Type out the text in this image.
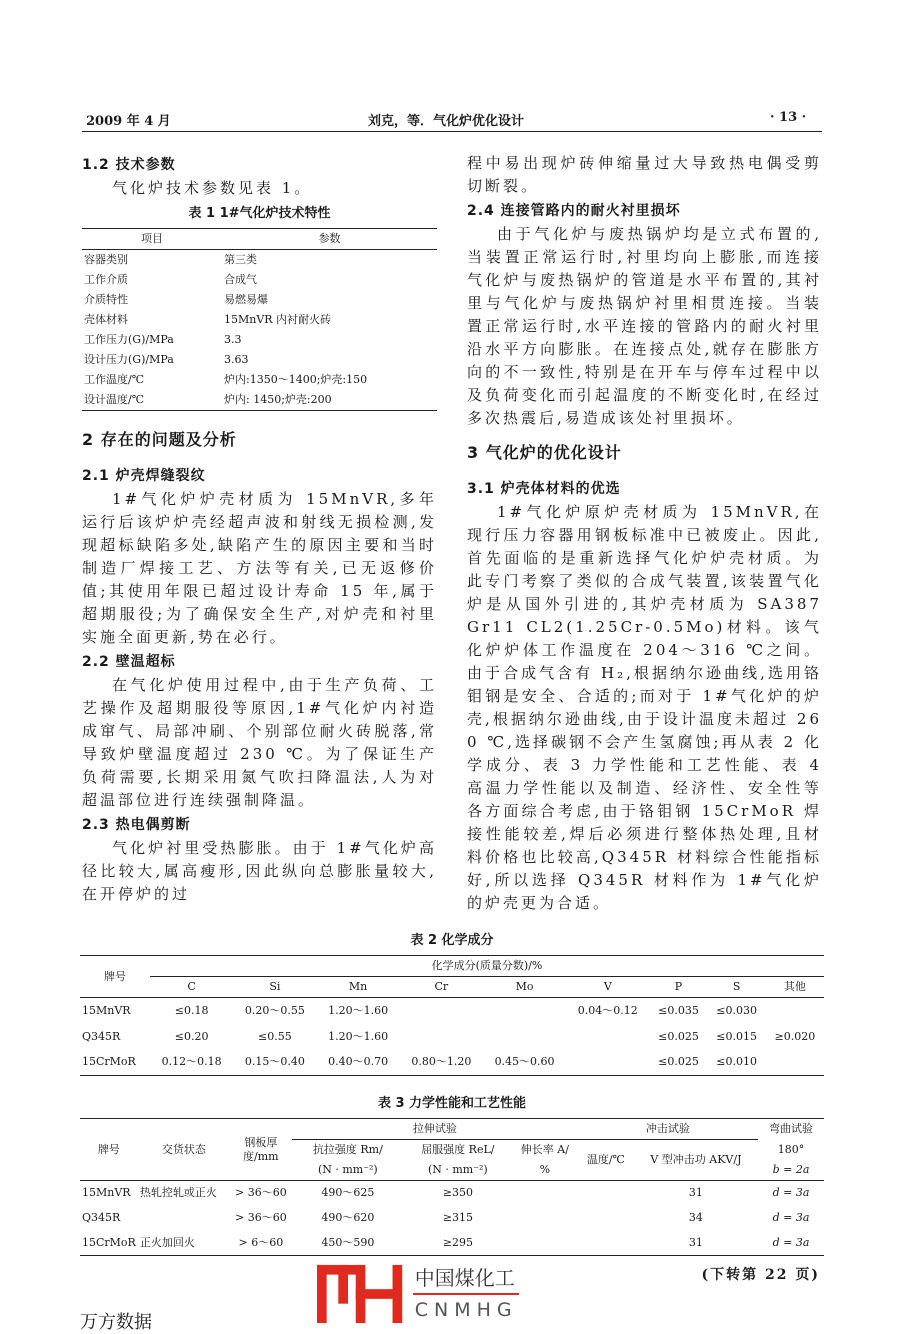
2009 年 4 月	刘克，等．气化炉优化设计	· 13 ·
1.2 技术参数
气化炉技术参数见表 1。
表 1 1#气化炉技术特性
项目	参数
容器类别	第三类
工作介质	合成气
介质特性	易燃易爆
壳体材料	15MnVR 内衬耐火砖
工作压力(G)/MPa	3.3
设计压力(G)/MPa	3.63
工作温度/℃	炉内:1350～1400;炉壳:150
设计温度/℃	炉内: 1450;炉壳:200
2 存在的问题及分析
2.1 炉壳焊缝裂纹
1#气化炉炉壳材质为 15MnVR,多年运行后该炉炉壳经超声波和射线无损检测,发现超标缺陷多处,缺陷产生的原因主要和当时制造厂焊接工艺、方法等有关,已无返修价值;其使用年限已超过设计寿命 15 年,属于超期服役;为了确保安全生产,对炉壳和衬里实施全面更新,势在必行。
2.2 壁温超标
在气化炉使用过程中,由于生产负荷、工艺操作及超期服役等原因,1#气化炉内衬造成窜气、局部冲刷、个别部位耐火砖脱落,常导致炉壁温度超过 230 ℃。为了保证生产负荷需要,长期采用氮气吹扫降温法,人为对超温部位进行连续强制降温。
2.3 热电偶剪断
气化炉衬里受热膨胀。由于 1#气化炉高径比较大,属高瘦形,因此纵向总膨胀量较大,在开停炉的过
程中易出现炉砖伸缩量过大导致热电偶受剪切断裂。
2.4 连接管路内的耐火衬里损坏
由于气化炉与废热锅炉均是立式布置的,当装置正常运行时,衬里均向上膨胀,而连接气化炉与废热锅炉的管道是水平布置的,其衬里与气化炉与废热锅炉衬里相贯连接。当装置正常运行时,水平连接的管路内的耐火衬里沿水平方向膨胀。在连接点处,就存在膨胀方向的不一致性,特别是在开车与停车过程中以及负荷变化而引起温度的不断变化时,在经过多次热震后,易造成该处衬里损坏。
3 气化炉的优化设计
3.1 炉壳体材料的优选
1#气化炉原炉壳材质为 15MnVR,在现行压力容器用钢板标准中已被废止。因此,首先面临的是重新选择气化炉炉壳材质。为此专门考察了类似的合成气装置,该装置气化炉是从国外引进的,其炉壳材质为 SA387 Gr11 CL2(1.25Cr-0.5Mo)材料。该气化炉炉体工作温度在 204～316 ℃之间。由于合成气含有 H₂,根据纳尔逊曲线,选用铬钼钢是安全、合适的;而对于 1#气化炉的炉壳,根据纳尔逊曲线,由于设计温度未超过 260 ℃,选择碳钢不会产生氢腐蚀;再从表 2 化学成分、表 3 力学性能和工艺性能、表 4 高温力学性能以及制造、经济性、安全性等各方面综合考虑,由于铬钼钢 15CrMoR 焊接性能较差,焊后必须进行整体热处理,且材料价格也比较高,Q345R 材料综合性能指标好,所以选择 Q345R 材料作为 1#气化炉的炉壳更为合适。
表 2 化学成分
牌号	化学成分(质量分数)/%								
	C	Si	Mn	Cr	Mo	V	P	S	其他
15MnVR	≤0.18	0.20～0.55	1.20～1.60			0.04～0.12	≤0.035	≤0.030	
Q345R	≤0.20	≤0.55	1.20～1.60				≤0.025	≤0.015	≥0.020
15CrMoR	0.12～0.18	0.15～0.40	0.40～0.70	0.80～1.20	0.45～0.60		≤0.025	≤0.010	
表 3 力学性能和工艺性能
牌号	交货状态	钢板厚度/mm	拉伸试验			冲击试验		弯曲试验
			抗拉强度 Rm/	屈服强度 ReL/	伸长率 A/	温度/℃	V 型冲击功 AKV/J	180°
			(N · mm⁻²)	(N · mm⁻²)	%			b = 2a
15MnVR	热轧控轧或正火	> 36～60	490～625	≥350			31	d = 3a
Q345R		> 36～60	490～620	≥315			34	d = 3a
15CrMoR	正火加回火	> 6～60	450～590	≥295			31	d = 3a
万方数据
中国煤化工
CNMHG
(下转第 22 页)
